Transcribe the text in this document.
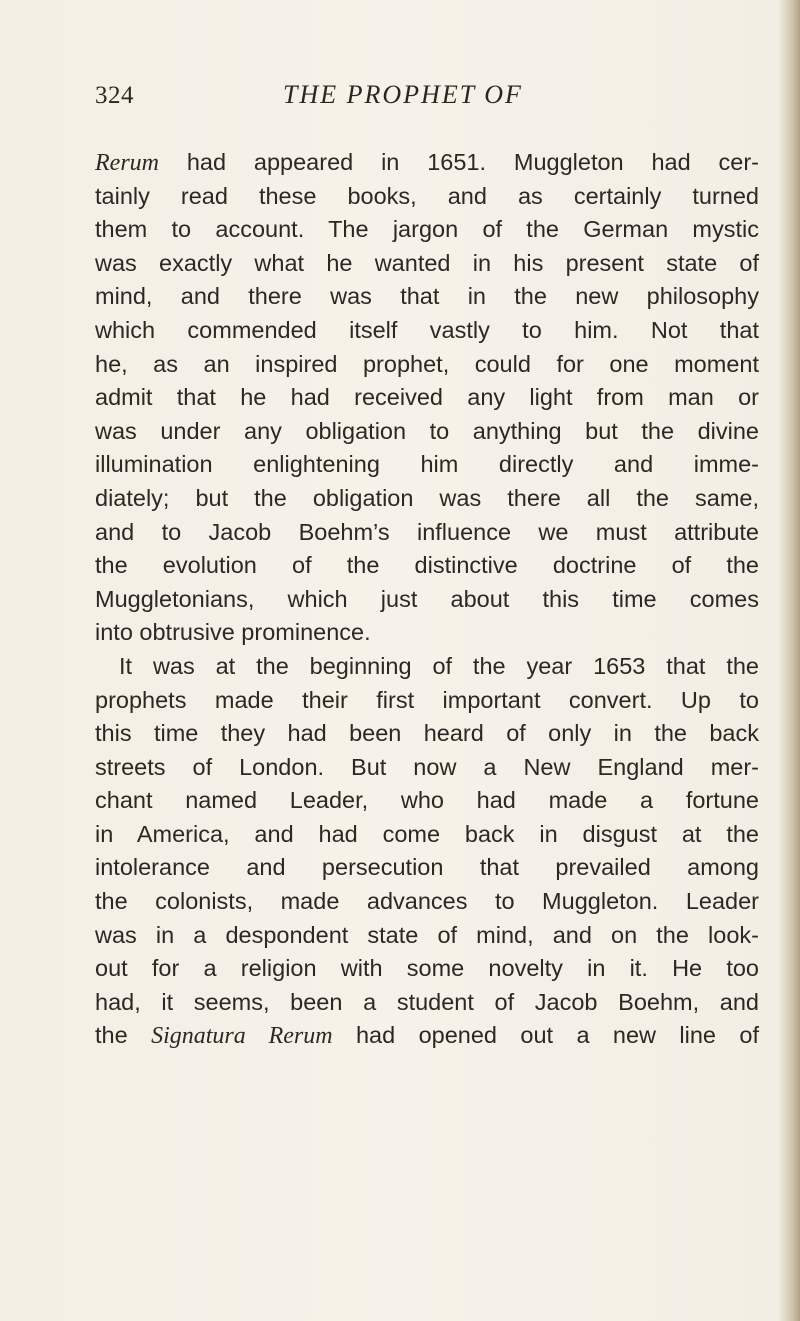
324	THE PROPHET OF
Rerum had appeared in 1651. Muggleton had cer-
tainly read these books, and as certainly turned
them to account. The jargon of the German mystic
was exactly what he wanted in his present state of
mind, and there was that in the new philosophy
which commended itself vastly to him. Not that
he, as an inspired prophet, could for one moment
admit that he had received any light from man or
was under any obligation to anything but the divine
illumination enlightening him directly and imme-
diately; but the obligation was there all the same,
and to Jacob Boehm’s influence we must attribute
the evolution of the distinctive doctrine of the
Muggletonians, which just about this time comes
into obtrusive prominence.
It was at the beginning of the year 1653 that the
prophets made their first important convert. Up to
this time they had been heard of only in the back
streets of London. But now a New England mer-
chant named Leader, who had made a fortune
in America, and had come back in disgust at the
intolerance and persecution that prevailed among
the colonists, made advances to Muggleton. Leader
was in a despondent state of mind, and on the look-
out for a religion with some novelty in it. He too
had, it seems, been a student of Jacob Boehm, and
the Signatura Rerum had opened out a new line of
